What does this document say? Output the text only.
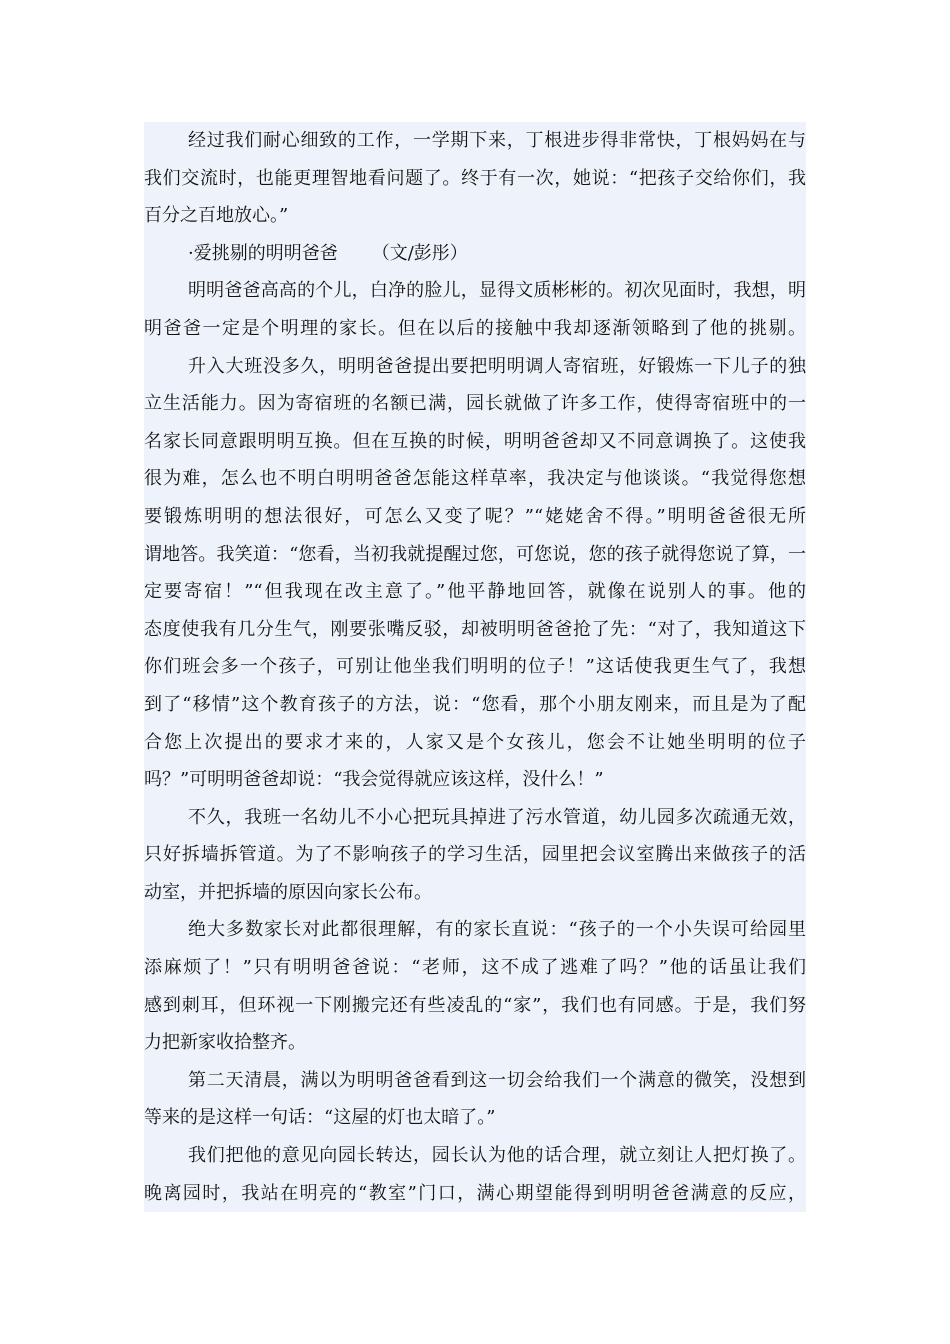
经过我们耐心细致的工作，一学期下来，丁根进步得非常快，丁根妈妈在与
我们交流时，也能更理智地看问题了。终于有一次，她说：“把孩子交给你们，我
百分之百地放心。”
·爱挑剔的明明爸爸 （文/彭彤）
明明爸爸高高的个儿，白净的脸儿，显得文质彬彬的。初次见面时，我想，明
明爸爸一定是个明理的家长。但在以后的接触中我却逐渐领略到了他的挑剔。
升入大班没多久，明明爸爸提出要把明明调人寄宿班，好锻炼一下儿子的独
立生活能力。因为寄宿班的名额已满，园长就做了许多工作，使得寄宿班中的一
名家长同意跟明明互换。但在互换的时候，明明爸爸却又不同意调换了。这使我
很为难，怎么也不明白明明爸爸怎能这样草率，我决定与他谈谈。“我觉得您想
要锻炼明明的想法很好，可怎么又变了呢？”“姥姥舍不得。”明明爸爸很无所
谓地答。我笑道：“您看，当初我就提醒过您，可您说，您的孩子就得您说了算，一
定要寄宿！”“但我现在改主意了。”他平静地回答，就像在说别人的事。他的
态度使我有几分生气，刚要张嘴反驳，却被明明爸爸抢了先：“对了，我知道这下
你们班会多一个孩子，可别让他坐我们明明的位子！”这话使我更生气了，我想
到了“移情”这个教育孩子的方法，说：“您看，那个小朋友刚来，而且是为了配
合您上次提出的要求才来的，人家又是个女孩儿，您会不让她坐明明的位子
吗？”可明明爸爸却说：“我会觉得就应该这样，没什么！”
不久，我班一名幼儿不小心把玩具掉进了污水管道，幼儿园多次疏通无效，
只好拆墙拆管道。为了不影响孩子的学习生活，园里把会议室腾出来做孩子的活
动室，并把拆墙的原因向家长公布。
绝大多数家长对此都很理解，有的家长直说：“孩子的一个小失误可给园里
添麻烦了！”只有明明爸爸说：“老师，这不成了逃难了吗？”他的话虽让我们
感到刺耳，但环视一下刚搬完还有些凌乱的“家”，我们也有同感。于是，我们努
力把新家收拾整齐。
第二天清晨，满以为明明爸爸看到这一切会给我们一个满意的微笑，没想到
等来的是这样一句话：“这屋的灯也太暗了。”
我们把他的意见向园长转达，园长认为他的话合理，就立刻让人把灯换了。
晚离园时，我站在明亮的“教室”门口，满心期望能得到明明爸爸满意的反应，
